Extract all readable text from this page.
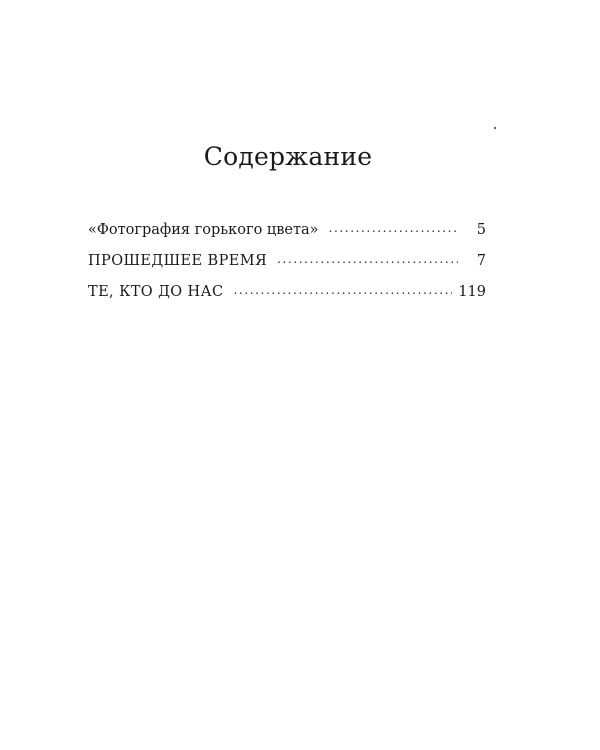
Содержание
«Фотография горького цвета» .....	5
ПРОШЕДШЕЕ ВРЕМЯ .....	7
ТЕ, КТО ДО НАС .....	119
